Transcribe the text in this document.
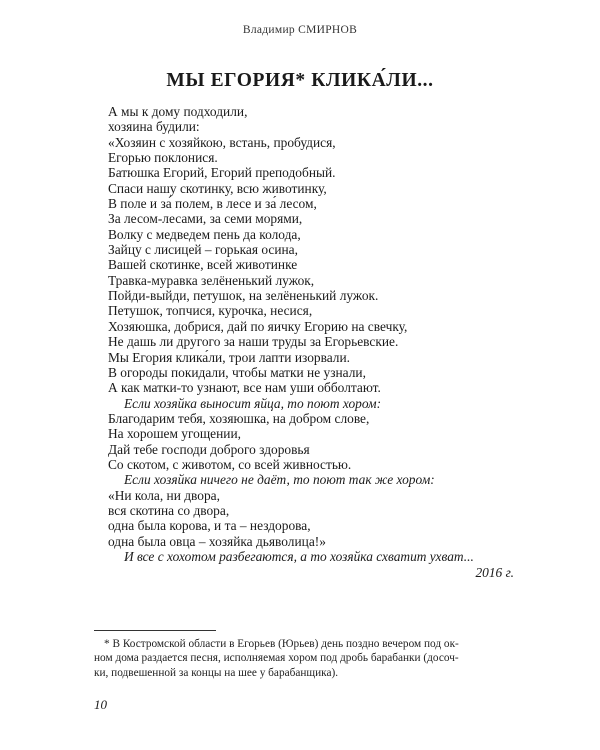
Владимир СМИРНОВ
МЫ ЕГОРИЯ* КЛИКА́ЛИ...
А мы к дому подходили,
хозяина будили:
«Хозяин с хозяйкою, встань, пробудися,
Егорью поклонися.
Батюшка Егорий, Егорий преподобный.
Спаси нашу скотинку, всю животинку,
В поле и за́ полем, в лесе и за́ лесом,
За лесом-лесами, за семи морями,
Волку с медведем пень да колода,
Зайцу с лисицей – горькая осина,
Вашей скотинке, всей животинке
Травка-муравка зелёненький лужок,
Пойди-выйди, петушок, на зелёненький лужок.
Петушок, топчися, курочка, несися,
Хозяюшка, добрися, дай по яичку Егорию на свечку,
Не дашь ли другого за наши труды за Егорьевские.
Мы Егория клика́ли, трои лапти изорвали.
В огороды покидали, чтобы матки не узнали,
А как матки-то узнают, все нам уши обболтают.
Если хозяйка выносит яйца, то поют хором:
Благодарим тебя, хозяюшка, на добром слове,
На хорошем угощении,
Дай тебе господи доброго здоровья
Со скотом, с животом, со всей живностью.
Если хозяйка ничего не даёт, то поют так же хором:
«Ни кола, ни двора,
вся скотина со двора,
одна была корова, и та – нездорова,
одна была овца – хозяйка дьяволица!»
И все с хохотом разбегаются, а то хозяйка схватит ухват...
2016 г.
* В Костромской области в Егорьев (Юрьев) день поздно вечером под ок-
ном дома раздается песня, исполняемая хором под дробь барабанки (досоч-
ки, подвешенной за концы на шее у барабанщика).
10
